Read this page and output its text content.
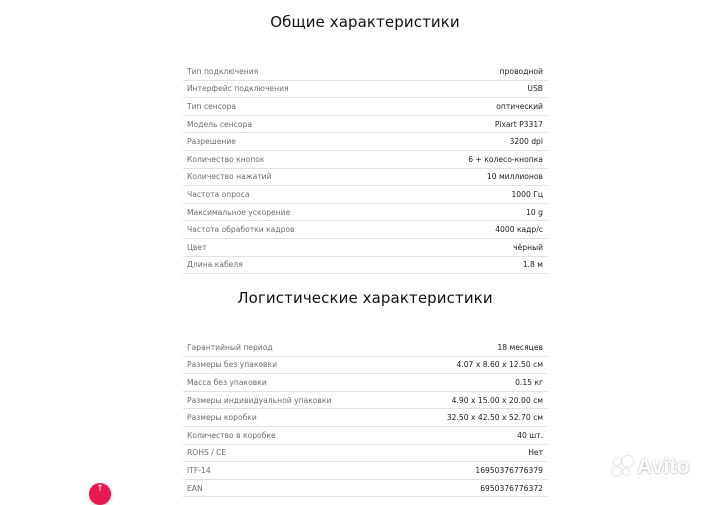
Общие характеристики
Тип подключения	проводной
Интерфейс подключения	USB
Тип сенсора	оптический
Модель сенсора	Pixart P3317
Разрешение	3200 dpi
Количество кнопок	6 + колесо-кнопка
Количество нажатий	10 миллионов
Частота опроса	1000 Гц
Максимальное ускорение	10 g
Частота обработки кадров	4000 кадр/с
Цвет	чёрный
Длина кабеля	1.8 м
Логистические характеристики
Гарантийный период	18 месяцев
Размеры без упаковки	4.07 x 8.60 x 12.50 см
Масса без упаковки	0.15 кг
Размеры индивидуальной упаковки	4.90 x 15.00 x 20.00 см
Размеры коробки	32.50 x 42.50 x 52.70 см
Количество в коробке	40 шт.
ROHS / CE	Нет
ITF-14	16950376776379
EAN	6950376776372
↑
Avito
